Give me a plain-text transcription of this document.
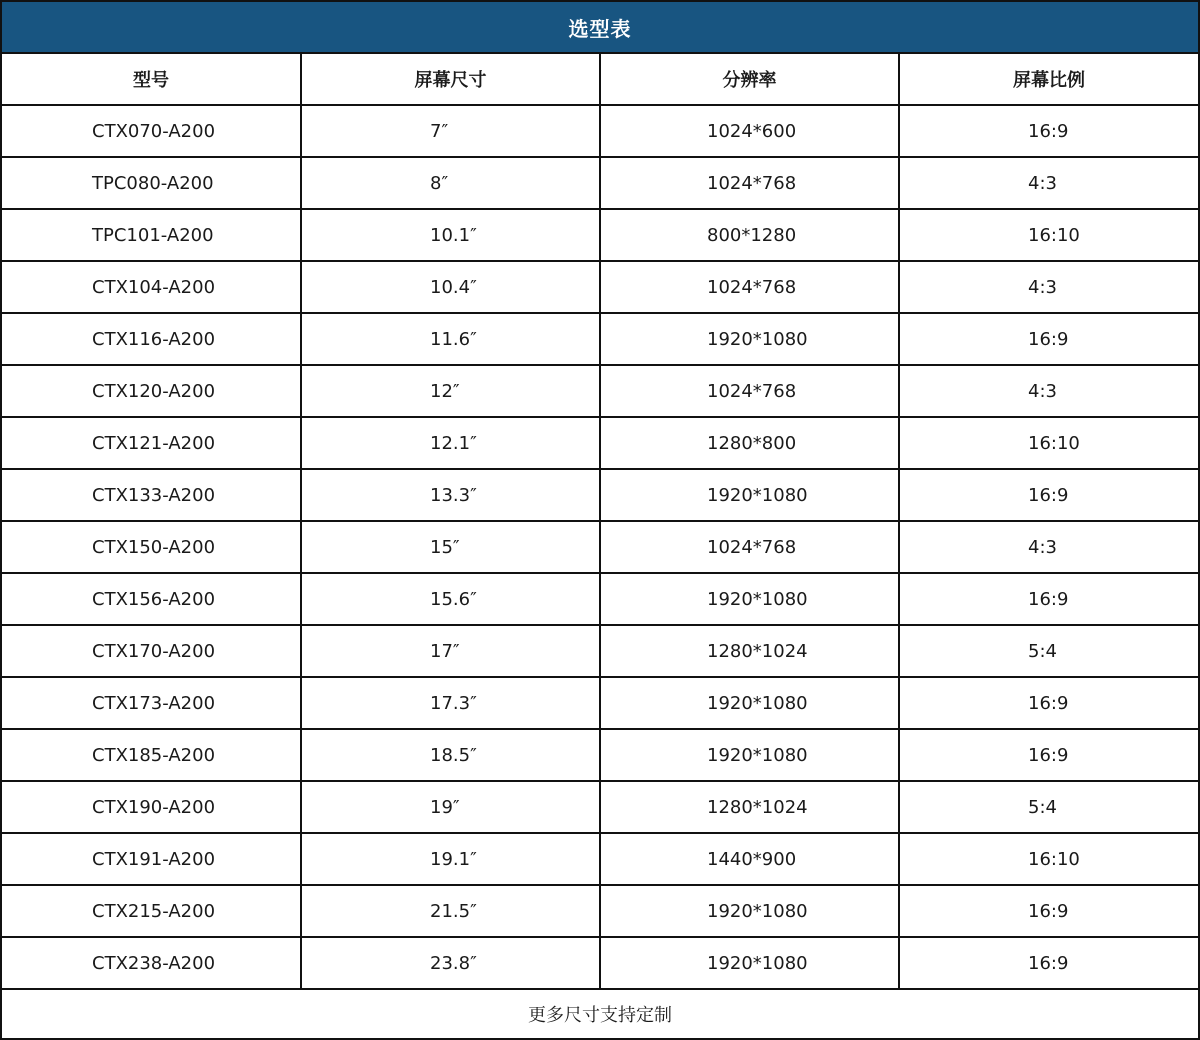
选型表
型号	屏幕尺寸	分辨率	屏幕比例
CTX070-A200	7″	1024*600	16:9
TPC080-A200	8″	1024*768	4:3
TPC101-A200	10.1″	800*1280	16:10
CTX104-A200	10.4″	1024*768	4:3
CTX116-A200	11.6″	1920*1080	16:9
CTX120-A200	12″	1024*768	4:3
CTX121-A200	12.1″	1280*800	16:10
CTX133-A200	13.3″	1920*1080	16:9
CTX150-A200	15″	1024*768	4:3
CTX156-A200	15.6″	1920*1080	16:9
CTX170-A200	17″	1280*1024	5:4
CTX173-A200	17.3″	1920*1080	16:9
CTX185-A200	18.5″	1920*1080	16:9
CTX190-A200	19″	1280*1024	5:4
CTX191-A200	19.1″	1440*900	16:10
CTX215-A200	21.5″	1920*1080	16:9
CTX238-A200	23.8″	1920*1080	16:9
更多尺寸支持定制
